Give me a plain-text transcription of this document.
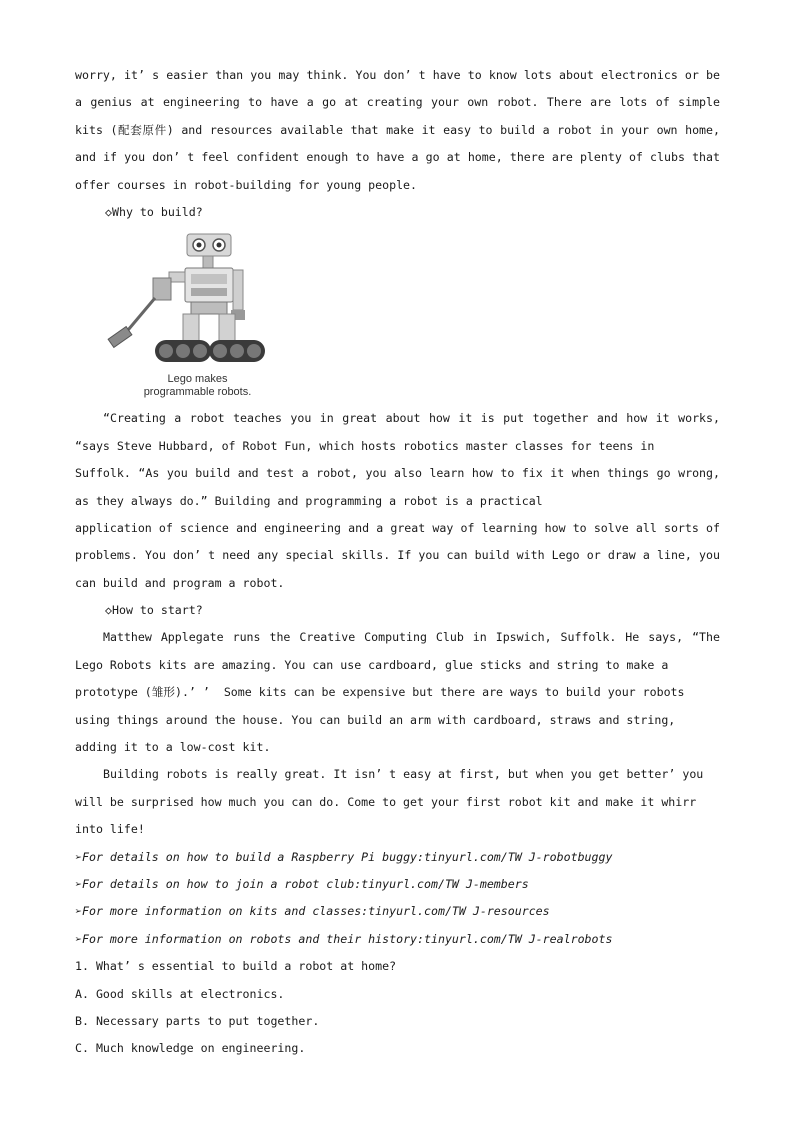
worry, it’ s easier than you may think. You don’ t have to know lots about electronics or be
a genius at engineering to have a go at creating your own robot. There are lots of simple
kits (配套原件) and resources available that make it easy to build a robot in your own home,
and if you don’ t feel confident enough to have a go at home, there are plenty of clubs that
offer courses in robot-building for young people.
◇Why to build?
Lego makes
programmable robots.
“Creating a robot teaches you in great about how it is put together and how it works,
“says Steve Hubbard, of Robot Fun, which hosts robotics master classes for teens in
Suffolk. “As you build and test a robot, you also learn how to fix it when things go wrong,
as they always do.” Building and programming a robot is a practical
application of science and engineering and a great way of learning how to solve all sorts of
problems. You don’ t need any special skills. If you can build with Lego or draw a line, you
can build and program a robot.
◇How to start?
Matthew Applegate runs the Creative Computing Club in Ipswich, Suffolk. He says, “The
Lego Robots kits are amazing. You can use cardboard, glue sticks and string to make a
prototype (雏形).’ ’  Some kits can be expensive but there are ways to build your robots
using things around the house. You can build an arm with cardboard, straws and string,
adding it to a low-cost kit.
Building robots is really great. It isn’ t easy at first, but when you get better’ you
will be surprised how much you can do. Come to get your first robot kit and make it whirr
into life!
➢For details on how to build a Raspberry Pi buggy:tinyurl.com/TW J-robotbuggy
➢For details on how to join a robot club:tinyurl.com/TW J-members
➢For more information on kits and classes:tinyurl.com/TW J-resources
➢For more information on robots and their history:tinyurl.com/TW J-realrobots
1. What’ s essential to build a robot at home?
A. Good skills at electronics.
B. Necessary parts to put together.
C. Much knowledge on engineering.
